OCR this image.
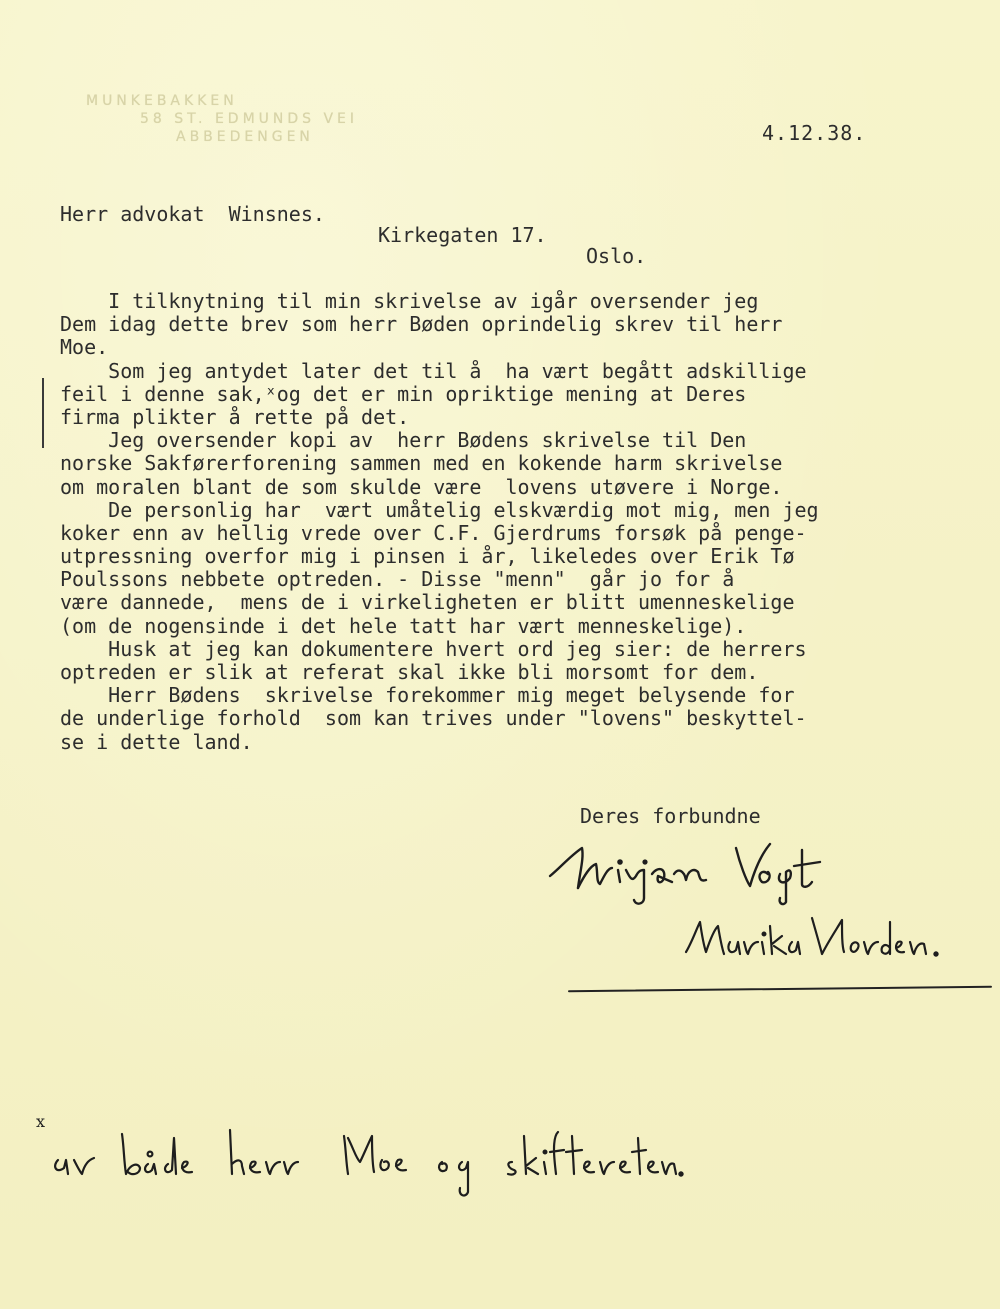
MUNKEBAKKEN
58 ST. EDMUNDS VEI
ABBEDENGEN	4.12.38.
Herr advokat  Winsnes.
Kirkegaten 17.
Oslo.
I tilknytning til min skrivelse av igår oversender jeg
Dem idag dette brev som herr Bøden oprindelig skrev til herr
Moe.
Som jeg antydet later det til å  ha vært begått adskillige
feil i denne sak,ˣog det er min opriktige mening at Deres
firma plikter å rette på det.
Jeg oversender kopi av  herr Bødens skrivelse til Den
norske Sakførerforening sammen med en kokende harm skrivelse
om moralen blant de som skulde være  lovens utøvere i Norge.
De personlig har  vært umåtelig elskværdig mot mig, men jeg
koker enn av hellig vrede over C.F. Gjerdrums forsøk på penge-
utpressning overfor mig i pinsen i år, likeledes over Erik Tø
Poulssons nebbete optreden. - Disse "menn"  går jo for å
være dannede,  mens de i virkeligheten er blitt umenneskelige
(om de nogensinde i det hele tatt har vært menneskelige).
Husk at jeg kan dokumentere hvert ord jeg sier: de herrers
optreden er slik at referat skal ikke bli morsomt for dem.
Herr Bødens  skrivelse forekommer mig meget belysende for
de underlige forhold  som kan trives under "lovens" beskyttel-
se i dette land.
Deres forbundne
x
